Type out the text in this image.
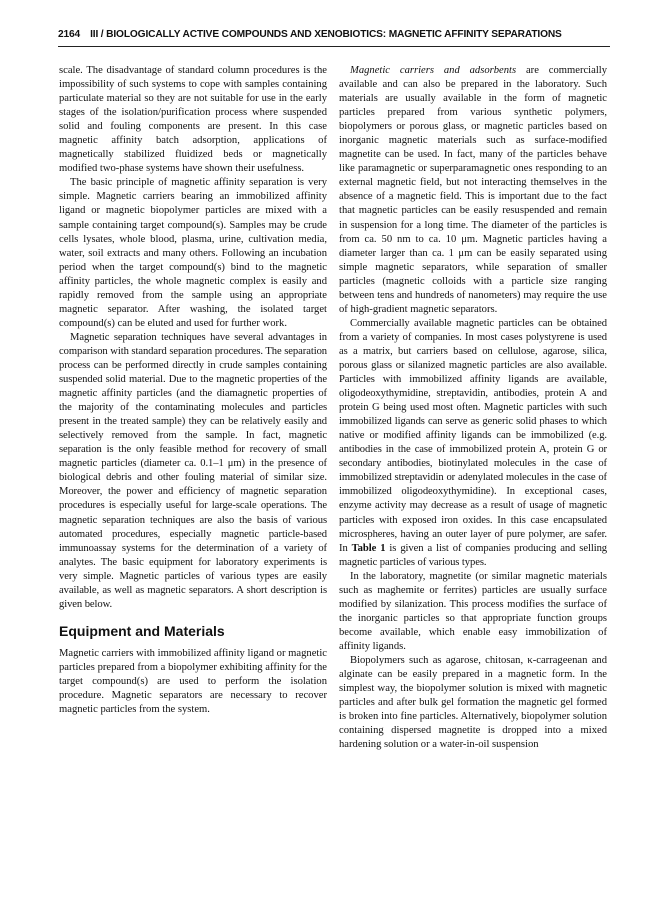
2164 III / BIOLOGICALLY ACTIVE COMPOUNDS AND XENOBIOTICS: MAGNETIC AFFINITY SEPARATIONS

scale. The disadvantage of standard column procedures is the impossibility of such systems to cope with samples containing particulate material so they are not suitable for use in the early stages of the isolation/purification process where suspended solid and fouling components are present. In this case magnetic affinity batch adsorption, applications of magnetically stabilized fluidized beds or magnetically modified two-phase systems have shown their usefulness.

The basic principle of magnetic affinity separation is very simple. Magnetic carriers bearing an immobilized affinity ligand or magnetic biopolymer particles are mixed with a sample containing target compound(s). Samples may be crude cells lysates, whole blood, plasma, urine, cultivation media, water, soil extracts and many others. Following an incubation period when the target compound(s) bind to the magnetic affinity particles, the whole magnetic complex is easily and rapidly removed from the sample using an appropriate magnetic separator. After washing, the isolated target compound(s) can be eluted and used for further work.

Magnetic separation techniques have several advantages in comparison with standard separation procedures. The separation process can be performed directly in crude samples containing suspended solid material. Due to the magnetic properties of the magnetic affinity particles (and the diamagnetic properties of the majority of the contaminating molecules and particles present in the treated sample) they can be relatively easily and selectively removed from the sample. In fact, magnetic separation is the only feasible method for recovery of small magnetic particles (diameter ca. 0.1–1 μm) in the presence of biological debris and other fouling material of similar size. Moreover, the power and efficiency of magnetic separation procedures is especially useful for large-scale operations. The magnetic separation techniques are also the basis of various automated procedures, especially magnetic particle-based immunoassay systems for the determination of a variety of analytes. The basic equipment for laboratory experiments is very simple. Magnetic particles of various types are easily available, as well as magnetic separators. A short description is given below.

Equipment and Materials

Magnetic carriers with immobilized affinity ligand or magnetic particles prepared from a biopolymer exhibiting affinity for the target compound(s) are used to perform the isolation procedure. Magnetic separators are necessary to recover magnetic particles from the system.

Magnetic carriers and adsorbents are commercially available and can also be prepared in the laboratory. Such materials are usually available in the form of magnetic particles prepared from various synthetic polymers, biopolymers or porous glass, or magnetic particles based on inorganic magnetic materials such as surface-modified magnetite can be used. In fact, many of the particles behave like paramagnetic or superparamagnetic ones responding to an external magnetic field, but not interacting themselves in the absence of a magnetic field. This is important due to the fact that magnetic particles can be easily resuspended and remain in suspension for a long time. The diameter of the particles is from ca. 50 nm to ca. 10 μm. Magnetic particles having a diameter larger than ca. 1 μm can be easily separated using simple magnetic separators, while separation of smaller particles (magnetic colloids with a particle size ranging between tens and hundreds of nanometers) may require the use of high-gradient magnetic separators.

Commercially available magnetic particles can be obtained from a variety of companies. In most cases polystyrene is used as a matrix, but carriers based on cellulose, agarose, silica, porous glass or silanized magnetic particles are also available. Particles with immobilized affinity ligands are available, oligodeoxythymidine, streptavidin, antibodies, protein A and protein G being used most often. Magnetic particles with such immobilized ligands can serve as generic solid phases to which native or modified affinity ligands can be immobilized (e.g. antibodies in the case of immobilized protein A, protein G or secondary antibodies, biotinylated molecules in the case of immobilized streptavidin or adenylated molecules in the case of immobilized oligodeoxythymidine). In exceptional cases, enzyme activity may decrease as a result of usage of magnetic particles with exposed iron oxides. In this case encapsulated microspheres, having an outer layer of pure polymer, are safer. In Table 1 is given a list of companies producing and selling magnetic particles of various types.

In the laboratory, magnetite (or similar magnetic materials such as maghemite or ferrites) particles are usually surface modified by silanization. This process modifies the surface of the inorganic particles so that appropriate function groups become available, which enable easy immobilization of affinity ligands.

Biopolymers such as agarose, chitosan, κ-carrageenan and alginate can be easily prepared in a magnetic form. In the simplest way, the biopolymer solution is mixed with magnetic particles and after bulk gel formation the magnetic gel formed is broken into fine particles. Alternatively, biopolymer solution containing dispersed magnetite is dropped into a mixed hardening solution or a water-in-oil suspension
